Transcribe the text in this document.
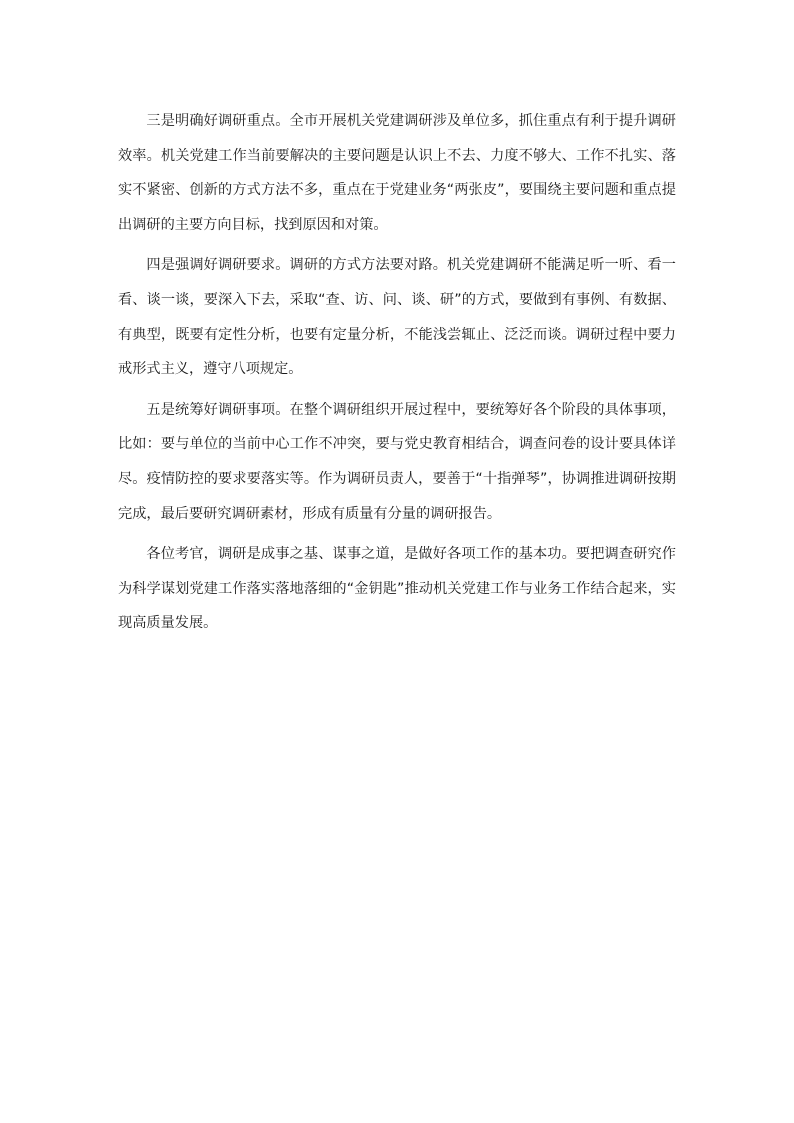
三是明确好调研重点。全市开展机关党建调研涉及单位多，抓住重点有利于提升调研效率。机关党建工作当前要解决的主要问题是认识上不去、力度不够大、工作不扎实、落实不紧密、创新的方式方法不多，重点在于党建业务“两张皮”，要围绕主要问题和重点提出调研的主要方向目标，找到原因和对策。

四是强调好调研要求。调研的方式方法要对路。机关党建调研不能满足听一听、看一看、谈一谈，要深入下去，采取“查、访、问、谈、研”的方式，要做到有事例、有数据、有典型，既要有定性分析，也要有定量分析，不能浅尝辄止、泛泛而谈。调研过程中要力戒形式主义，遵守八项规定。

五是统筹好调研事项。在整个调研组织开展过程中，要统筹好各个阶段的具体事项，比如：要与单位的当前中心工作不冲突，要与党史教育相结合，调查问卷的设计要具体详尽。疫情防控的要求要落实等。作为调研员责人，要善于“十指弹琴”，协调推进调研按期完成，最后要研究调研素材，形成有质量有分量的调研报告。

各位考官，调研是成事之基、谋事之道，是做好各项工作的基本功。要把调查研究作为科学谋划党建工作落实落地落细的“金钥匙”推动机关党建工作与业务工作结合起来，实现高质量发展。
